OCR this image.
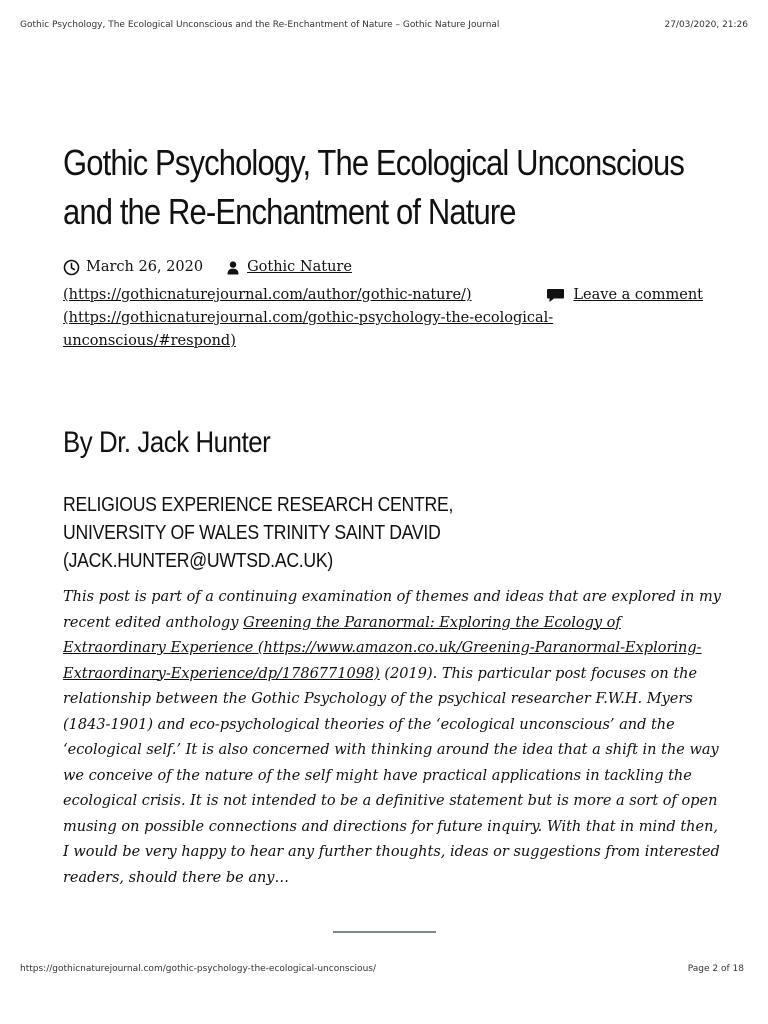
Gothic Psychology, The Ecological Unconscious and the Re-Enchantment of Nature – Gothic Nature Journal	27/03/2020, 21:26
Gothic Psychology, The Ecological Unconscious and the Re-Enchantment of Nature
March 26, 2020	Gothic Nature
(https://gothicnaturejournal.com/author/gothic-nature/)	Leave a comment
(https://gothicnaturejournal.com/gothic-psychology-the-ecological-
unconscious/#respond)
By Dr. Jack Hunter
RELIGIOUS EXPERIENCE RESEARCH CENTRE,
UNIVERSITY OF WALES TRINITY SAINT DAVID
(JACK.HUNTER@UWTSD.AC.UK)

This post is part of a continuing examination of themes and ideas that are explored in my recent edited anthology Greening the Paranormal: Exploring the Ecology of Extraordinary Experience (https://www.amazon.co.uk/Greening-Paranormal-Exploring-Extraordinary-Experience/dp/1786771098) (2019). This particular post focuses on the relationship between the Gothic Psychology of the psychical researcher F.W.H. Myers (1843-1901) and eco-psychological theories of the ‘ecological unconscious’ and the ‘ecological self.’ It is also concerned with thinking around the idea that a shift in the way we conceive of the nature of the self might have practical applications in tackling the ecological crisis. It is not intended to be a definitive statement but is more a sort of open musing on possible connections and directions for future inquiry. With that in mind then, I would be very happy to hear any further thoughts, ideas or suggestions from interested readers, should there be any…

https://gothicnaturejournal.com/gothic-psychology-the-ecological-unconscious/	Page 2 of 18
